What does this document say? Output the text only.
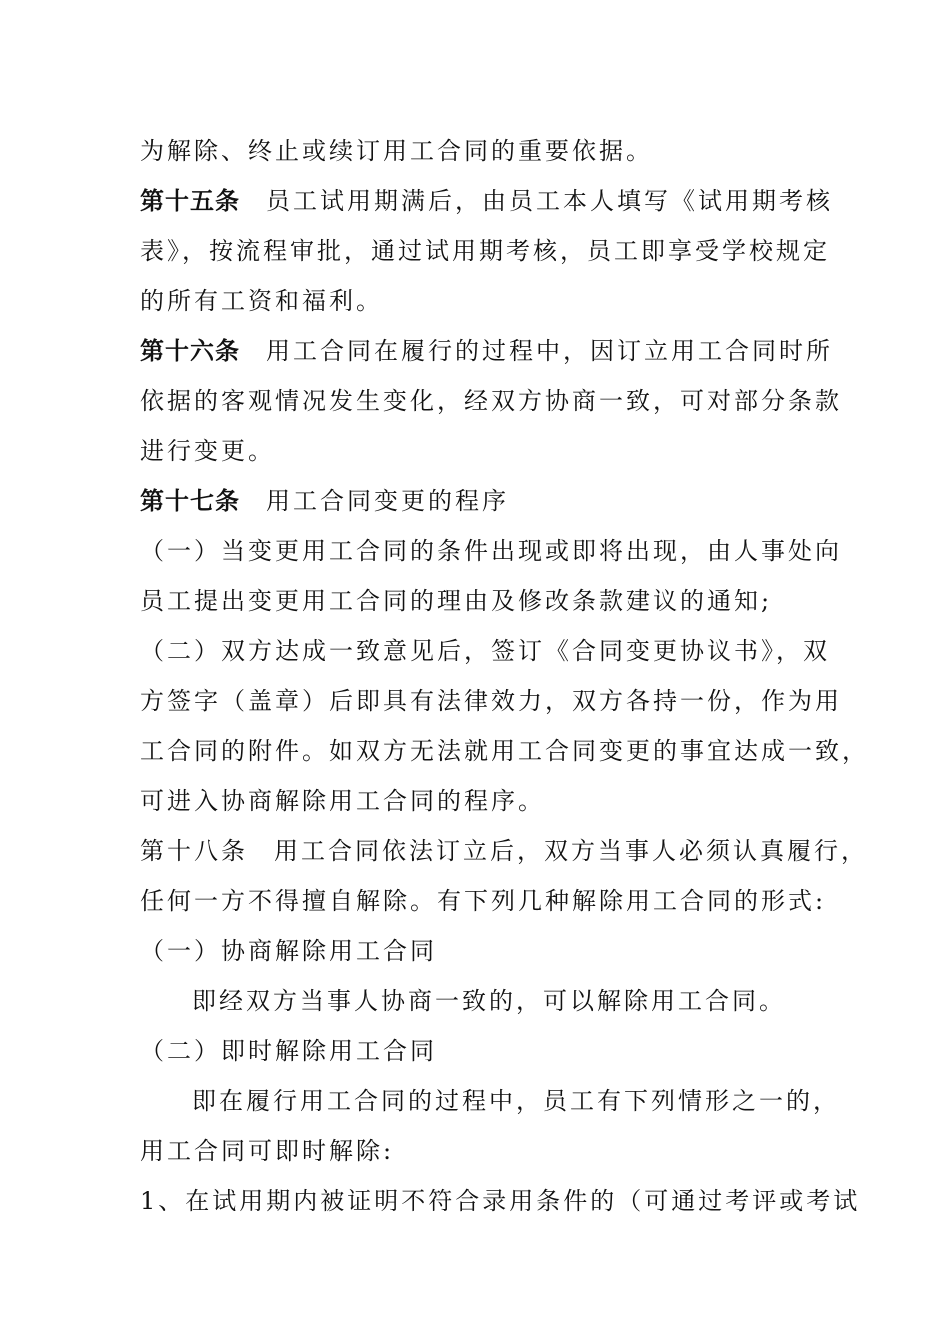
为解除、终止或续订用工合同的重要依据。
第十五条 员工试用期满后，由员工本人填写《试用期考核
表》，按流程审批，通过试用期考核，员工即享受学校规定
的所有工资和福利。
第十六条 用工合同在履行的过程中，因订立用工合同时所
依据的客观情况发生变化，经双方协商一致，可对部分条款
进行变更。
第十七条 用工合同变更的程序
（一）当变更用工合同的条件出现或即将出现，由人事处向
员工提出变更用工合同的理由及修改条款建议的通知;
（二）双方达成一致意见后，签订《合同变更协议书》，双
方签字（盖章）后即具有法律效力，双方各持一份，作为用
工合同的附件。如双方无法就用工合同变更的事宜达成一致，
可进入协商解除用工合同的程序。
第十八条 用工合同依法订立后，双方当事人必须认真履行，
任何一方不得擅自解除。有下列几种解除用工合同的形式:
（一）协商解除用工合同
即经双方当事人协商一致的，可以解除用工合同。
（二）即时解除用工合同
即在履行用工合同的过程中，员工有下列情形之一的，
用工合同可即时解除:
1、在试用期内被证明不符合录用条件的（可通过考评或考试
